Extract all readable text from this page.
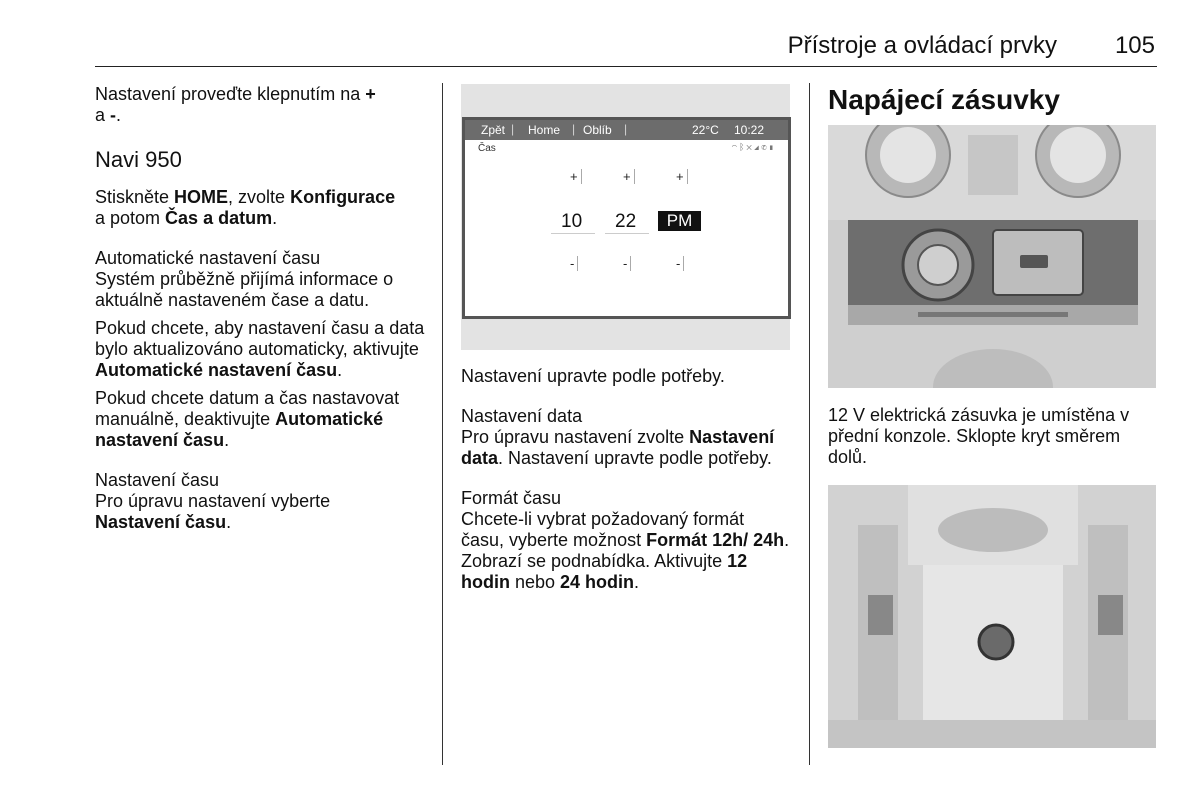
Přístroje a ovládací prvky 105

Nastavení proveďte klepnutím na +
a -.

Navi 950

Stiskněte HOME, zvolte Konfigurace
a potom Čas a datum.

Automatické nastavení času

Systém průběžně přijímá informace o aktuálně nastaveném čase a datu.

Pokud chcete, aby nastavení času a data bylo aktualizováno automaticky, aktivujte Automatické nastavení času.

Pokud chcete datum a čas nastavovat manuálně, deaktivujte Automatické nastavení času.

Nastavení času

Pro úpravu nastavení vyberte
Nastavení času.

Zpět | Home | Oblíb |	22°C 10:22
Čas	◠ᛒ✕◢✆▮
+	+	+
10 22	PM
-	-	-

Nastavení upravte podle potřeby.

Nastavení data

Pro úpravu nastavení zvolte Nastavení data. Nastavení upravte podle potřeby.

Formát času

Chcete-li vybrat požadovaný formát času, vyberte možnost Formát 12h/ 24h. Zobrazí se podnabídka. Aktivujte 12 hodin nebo 24 hodin.

Napájecí zásuvky

12 V elektrická zásuvka je umístěna v přední konzole. Sklopte kryt směrem dolů.
